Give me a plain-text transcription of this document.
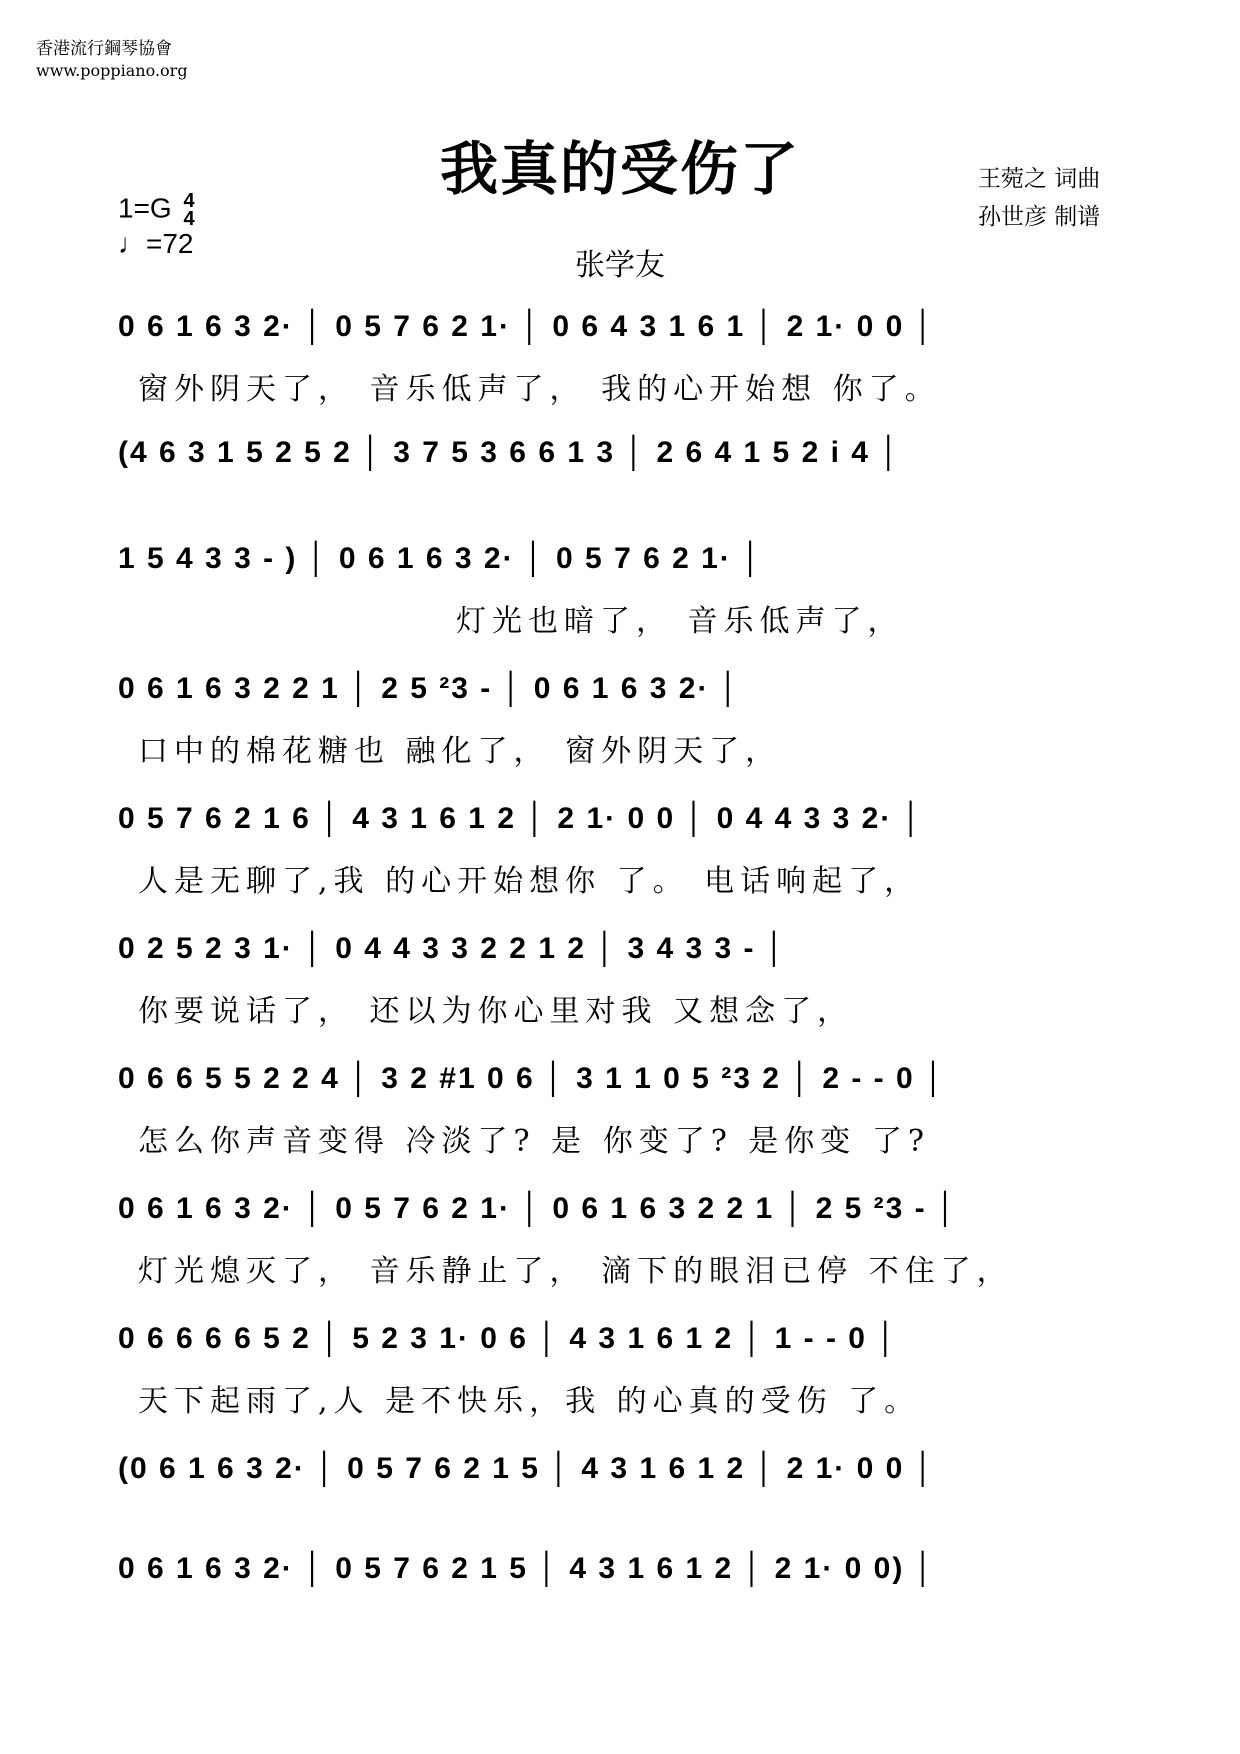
香港流行鋼琴協會
www.poppiano.org
我真的受伤了	王菀之 词曲
孙世彦 制谱
1=G 4
4
♩=72
张学友
0 6 1 6 3 2· │ 0 5 7 6 2 1· │ 0 6 4 3 1 6 1 │ 2 1· 0 0 │
窗外阴天了， 音乐低声了， 我的心开始想 你了。
(4 6 3 1 5 2 5 2 │ 3 7 5 3 6 6 1 3 │ 2 6 4 1 5 2 i 4 │
1 5 4 3 3 - ) │ 0 6 1 6 3 2· │ 0 5 7 6 2 1· │
灯光也暗了， 音乐低声了，
0 6 1 6 3 2 2 1 │ 2 5 ²3 - │ 0 6 1 6 3 2· │
口中的棉花糖也 融化了， 窗外阴天了，
0 5 7 6 2 1 6 │ 4 3 1 6 1 2 │ 2 1· 0 0 │ 0 4 4 3 3 2· │
人是无聊了,我 的心开始想你 了。 电话响起了，
0 2 5 2 3 1· │ 0 4 4 3 3 2 2 1 2 │ 3 4 3 3 - │
你要说话了， 还以为你心里对我 又想念了，
0 6 6 5 5 2 2 4 │ 3 2 #1 0 6 │ 3 1 1 0 5 ²3 2 │ 2 - - 0 │
怎么你声音变得 冷淡了? 是 你变了? 是你变 了?
0 6 1 6 3 2· │ 0 5 7 6 2 1· │ 0 6 1 6 3 2 2 1 │ 2 5 ²3 - │
灯光熄灭了， 音乐静止了， 滴下的眼泪已停 不住了，
0 6 6 6 6 5 2 │ 5 2 3 1· 0 6 │ 4 3 1 6 1 2 │ 1 - - 0 │
天下起雨了,人 是不快乐，我 的心真的受伤 了。
(0 6 1 6 3 2· │ 0 5 7 6 2 1 5 │ 4 3 1 6 1 2 │ 2 1· 0 0 │
0 6 1 6 3 2· │ 0 5 7 6 2 1 5 │ 4 3 1 6 1 2 │ 2 1· 0 0) │
